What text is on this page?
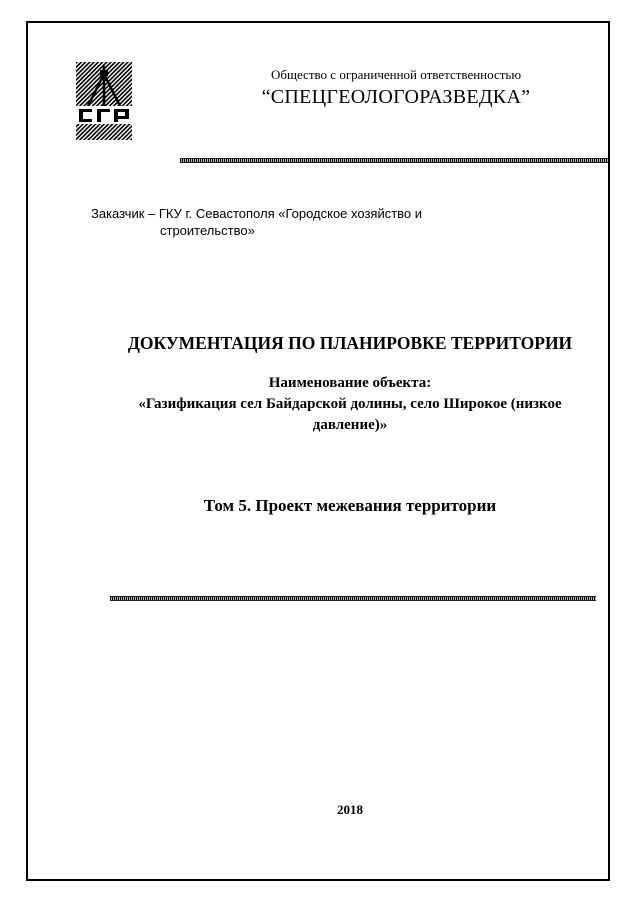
Общество с ограниченной ответственностью
“СПЕЦГЕОЛОГОРАЗВЕДКА”
Заказчик – ГКУ г. Севастополя «Городское хозяйство и
строительство»
ДОКУМЕНТАЦИЯ ПО ПЛАНИРОВКЕ ТЕРРИТОРИИ
Наименование объекта:
«Газификация сел Байдарской долины, село Широкое (низкое давление)»
Том 5. Проект межевания территории
2018
